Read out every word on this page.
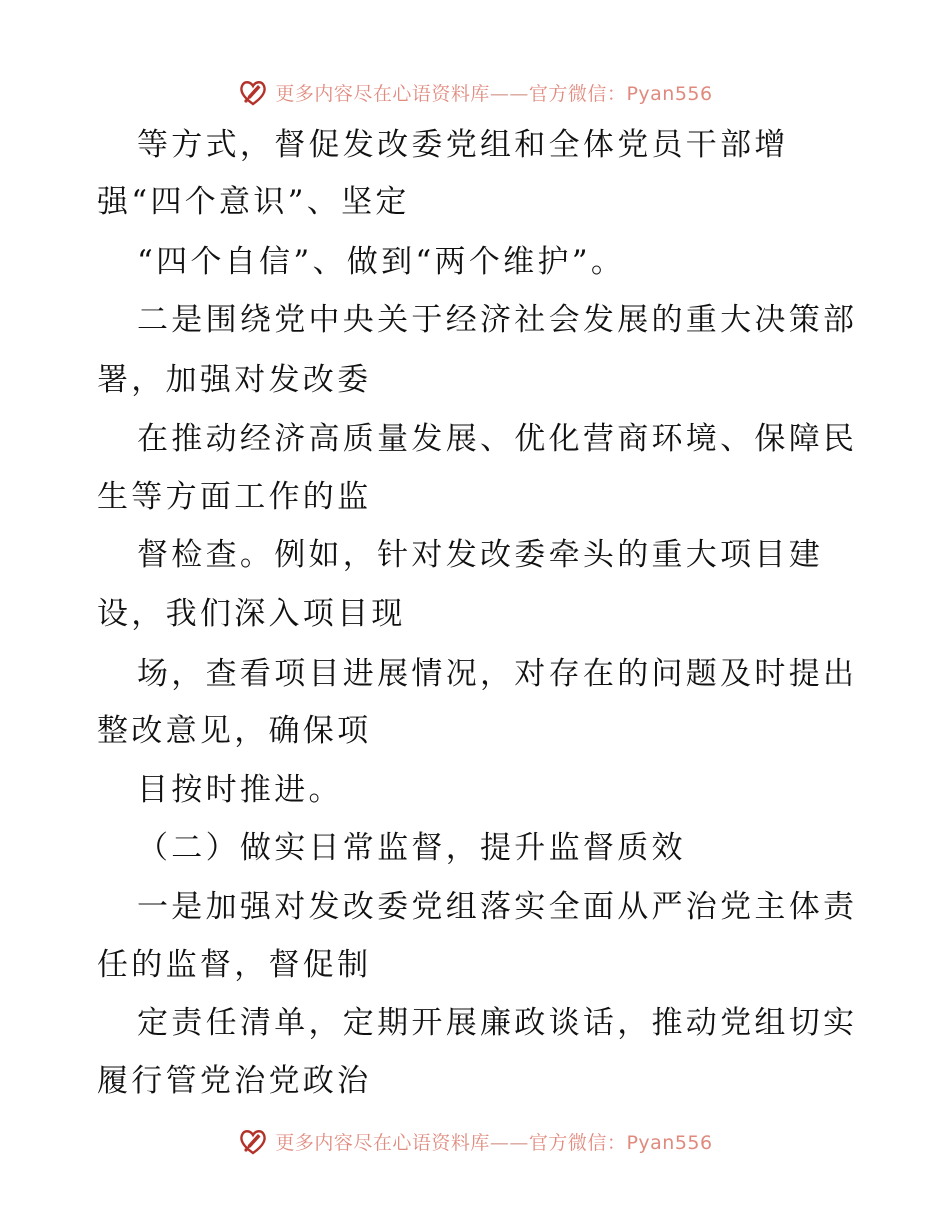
更多内容尽在心语资料库——官方微信：Pyan556
等方式，督促发改委党组和全体党员干部增
强“四个意识”、坚定
“四个自信”、做到“两个维护”。
二是围绕党中央关于经济社会发展的重大决策部
署，加强对发改委
在推动经济高质量发展、优化营商环境、保障民
生等方面工作的监
督检查。例如，针对发改委牵头的重大项目建
设，我们深入项目现
场，查看项目进展情况，对存在的问题及时提出
整改意见，确保项
目按时推进。
（二）做实日常监督，提升监督质效
一是加强对发改委党组落实全面从严治党主体责
任的监督，督促制
定责任清单，定期开展廉政谈话，推动党组切实
履行管党治党政治
更多内容尽在心语资料库——官方微信：Pyan556
